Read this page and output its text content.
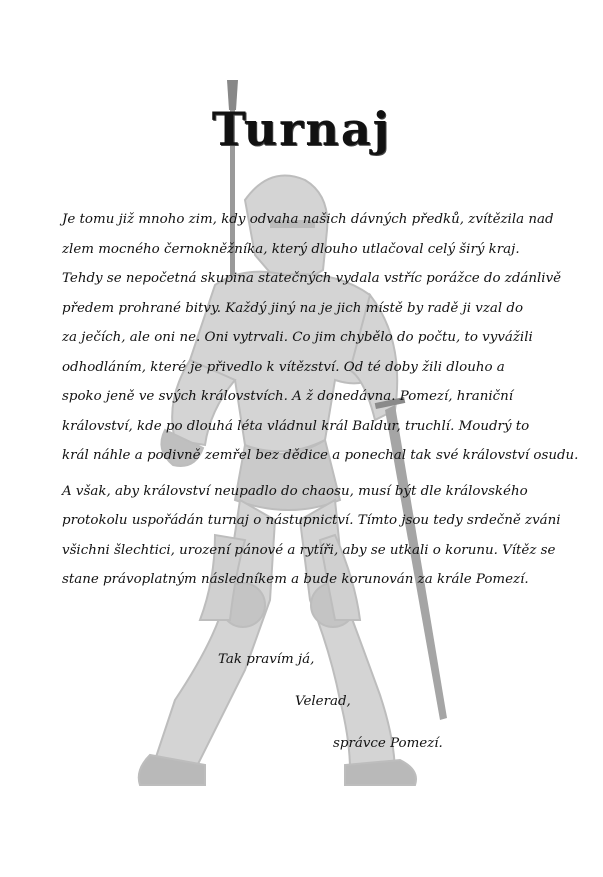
Turnaj

Je tomu již mnoho zim, kdy odvaha našich dávných předků, zvítězila nad
zlem mocného černokněžníka, který dlouho utlačoval celý širý kraj.
Tehdy se nepočetná skupina statečných vydala vstříc porážce do zdánlivě
předem prohrané bitvy. Každý jiný na je jich místě by radě ji vzal do
za ječích, ale oni ne. Oni vytrvali. Co jim chybělo do počtu, to vyvážili
odhodláním, které je přivedlo k vítězství. Od té doby žili dlouho a
spoko jeně ve svých královstvích. A ž donedávna. Pomezí, hraniční
království, kde po dlouhá léta vládnul král Baldur, truchlí. Moudrý to
král náhle a podivně zemřel bez dědice a ponechal tak své království osudu.

A však, aby království neupadlo do chaosu, musí být dle královského
protokolu uspořádán turnaj o nástupnictví. Tímto jsou tedy srdečně zváni
všichni šlechtici, urození pánové a rytíři, aby se utkali o korunu. Vítěz se
stane právoplatným následníkem a bude korunován za krále Pomezí.

Tak pravím já,
Velerad,
správce Pomezí.
